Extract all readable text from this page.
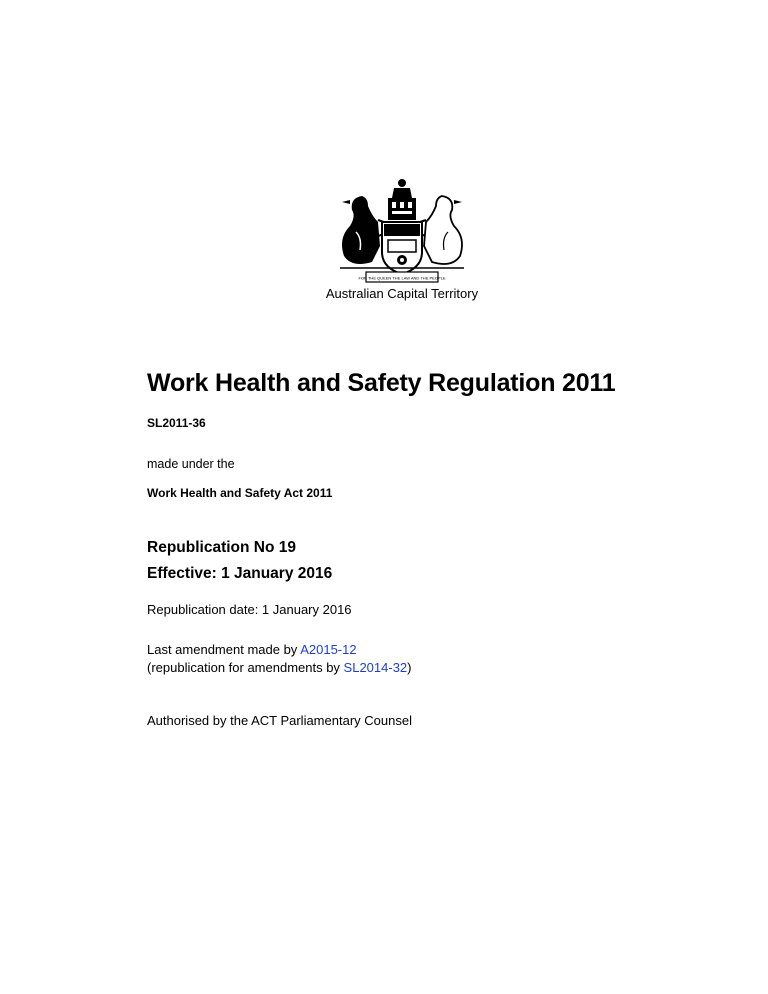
FOR THE QUEEN THE LAW AND THE PEOPLE
Australian Capital Territory
Work Health and Safety Regulation 2011
SL2011-36
made under the
Work Health and Safety Act 2011
Republication No 19
Effective: 1 January 2016
Republication date: 1 January 2016
Last amendment made by A2015-12
(republication for amendments by SL2014-32)
Authorised by the ACT Parliamentary Counsel
